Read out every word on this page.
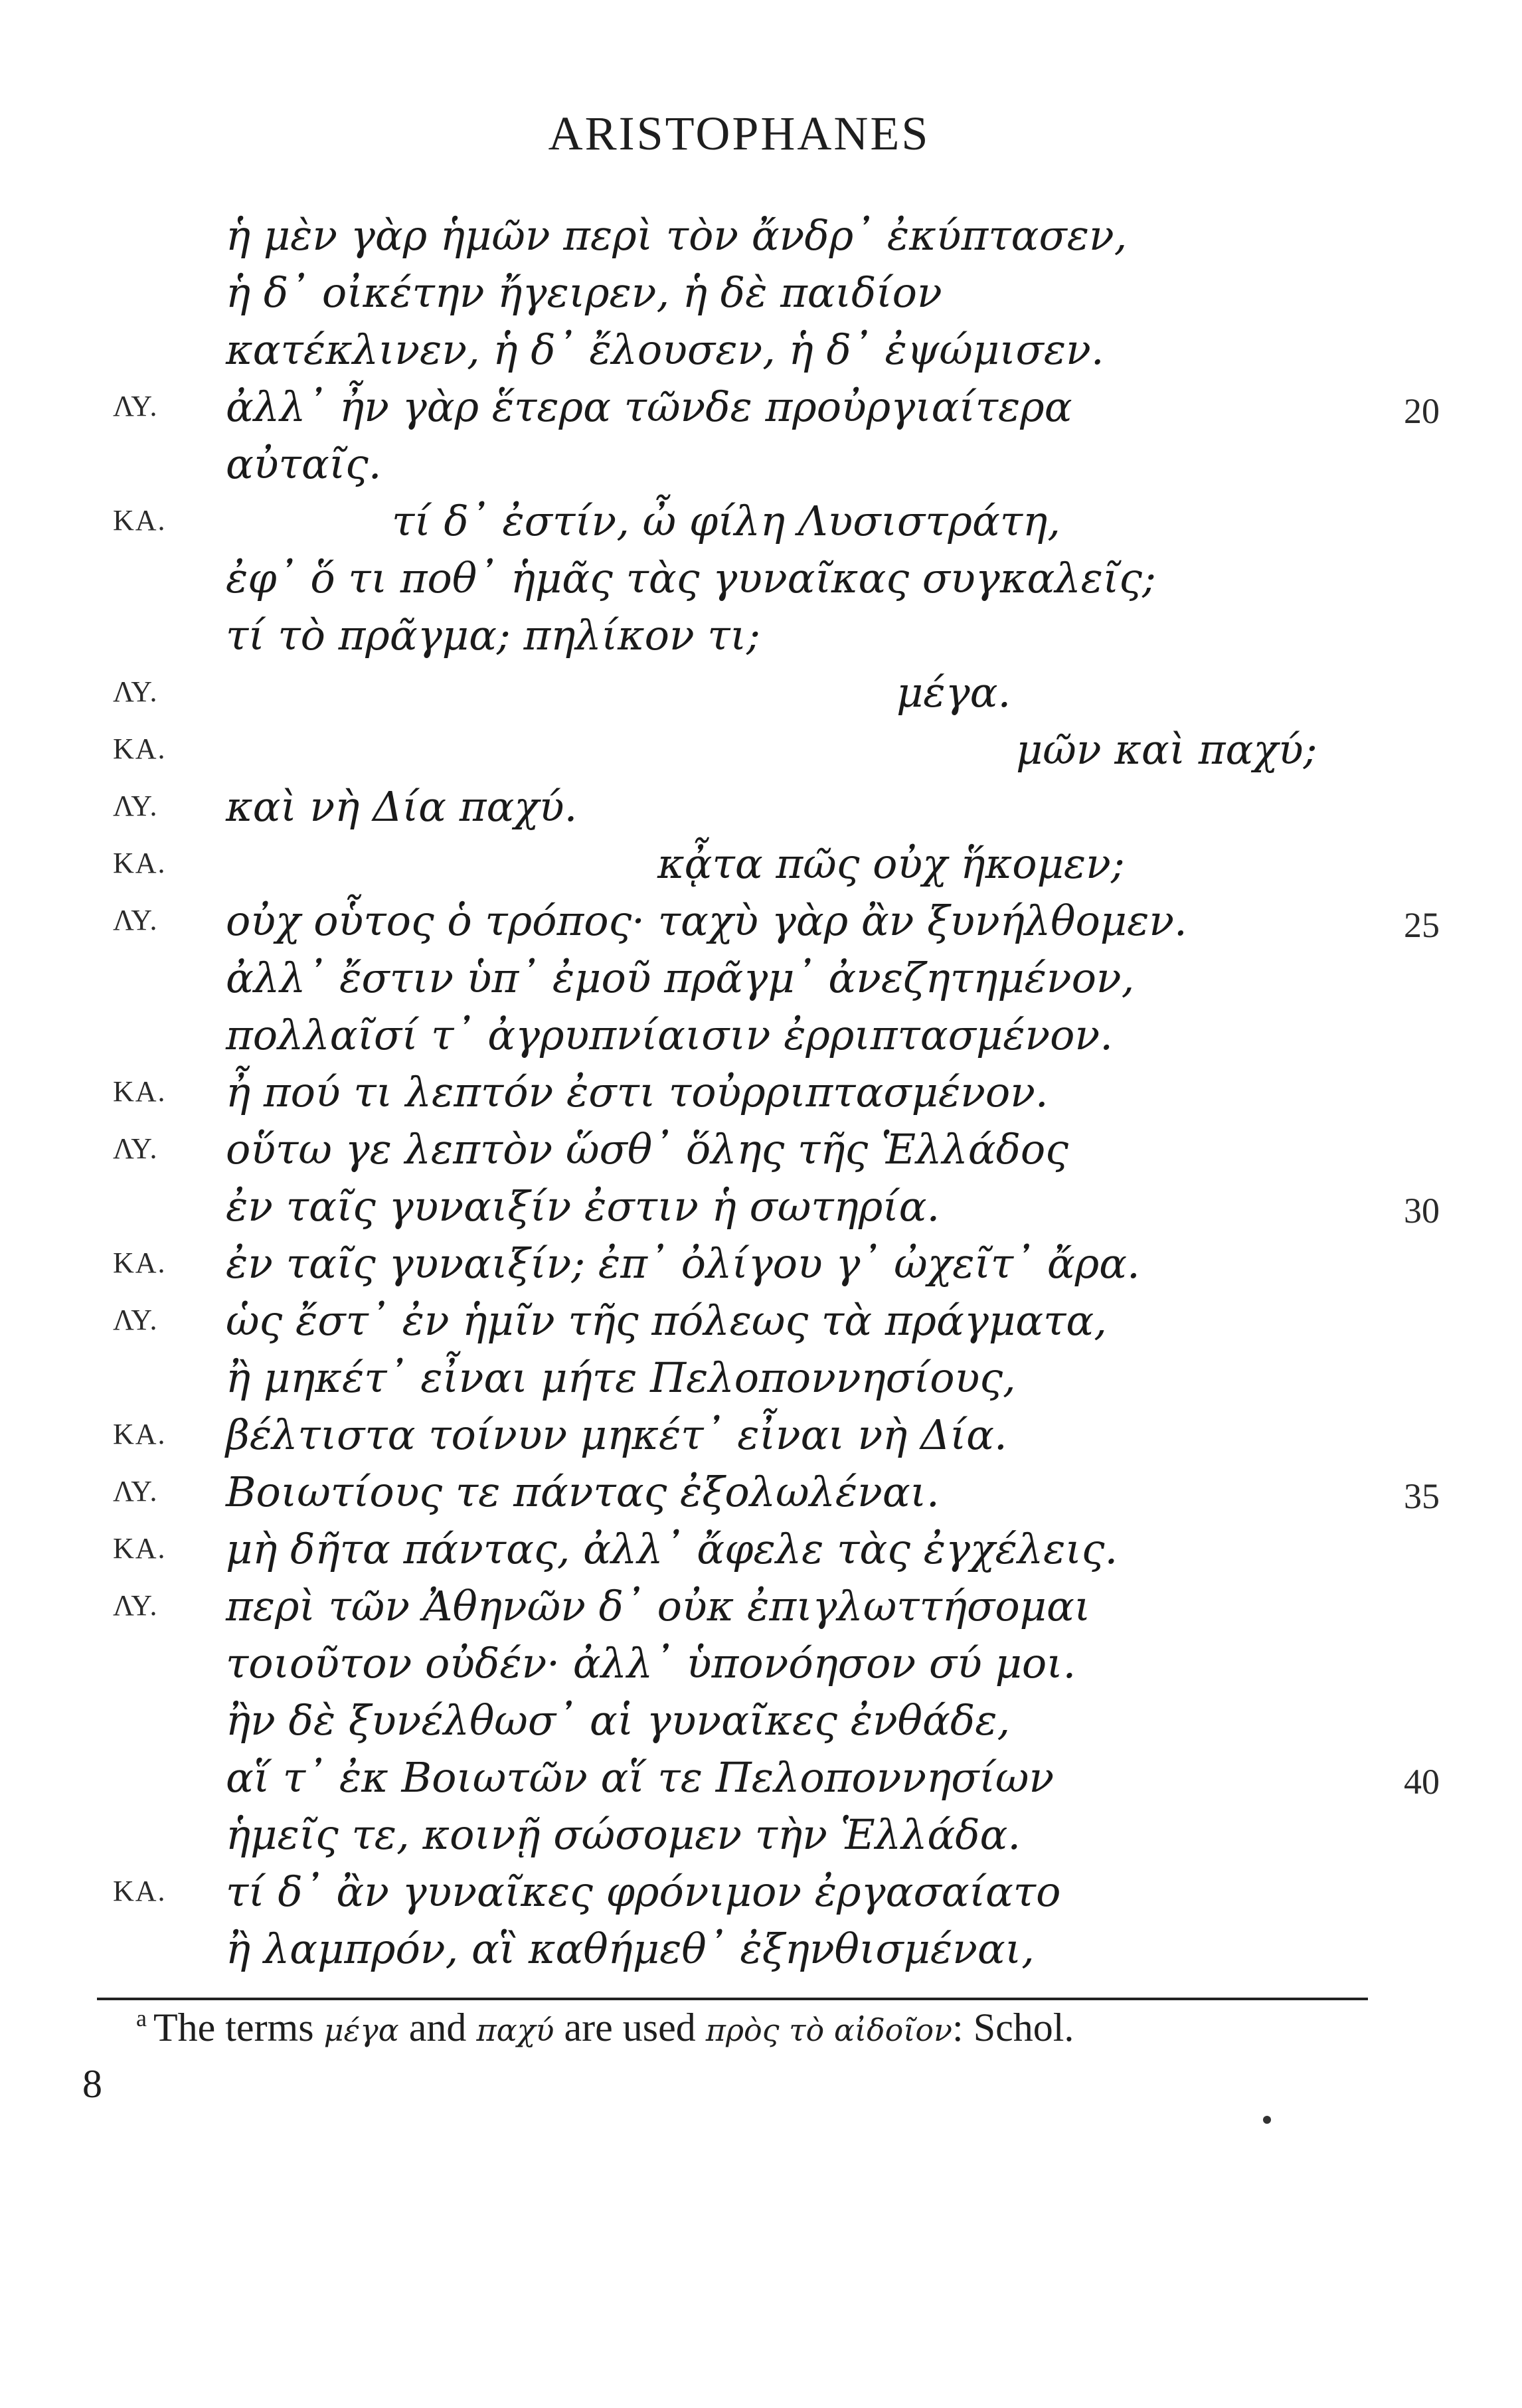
ARISTOPHANES
ἡ μὲν γὰρ ἡμῶν περὶ τὸν ἄνδρ᾽ ἐκύπτασεν,
ἡ δ᾽ οἰκέτην ἤγειρεν, ἡ δὲ παιδίον
κατέκλινεν, ἡ δ᾽ ἔλουσεν, ἡ δ᾽ ἐψώμισεν.
ΛΥ. ἀλλ᾽ ἦν γὰρ ἕτερα τῶνδε προὐργιαίτερα	20
αὐταῖς.
ΚΑ.	τί δ᾽ ἐστίν, ὦ φίλη Λυσιστράτη,
ἐφ᾽ ὅ τι ποθ᾽ ἡμᾶς τὰς γυναῖκας συγκαλεῖς;
τί τὸ πρᾶγμα; πηλίκον τι;
ΛΥ.	μέγα.
ΚΑ.	μῶν καὶ παχύ;
ΛΥ. καὶ νὴ Δία παχύ.
ΚΑ.	κᾆτα πῶς οὐχ ἥκομεν;
ΛΥ. οὐχ οὗτος ὁ τρόπος· ταχὺ γὰρ ἂν ξυνήλθομεν.	25
ἀλλ᾽ ἔστιν ὑπ᾽ ἐμοῦ πρᾶγμ᾽ ἀνεζητημένον,
πολλαῖσί τ᾽ ἀγρυπνίαισιν ἐρριπτασμένον.
ΚΑ. ἦ πού τι λεπτόν ἐστι τοὐρριπτασμένον.
ΛΥ. οὕτω γε λεπτὸν ὥσθ᾽ ὅλης τῆς Ἑλλάδος
ἐν ταῖς γυναιξίν ἐστιν ἡ σωτηρία.	30
ΚΑ. ἐν ταῖς γυναιξίν; ἐπ᾽ ὀλίγου γ᾽ ὠχεῖτ᾽ ἄρα.
ΛΥ. ὡς ἔστ᾽ ἐν ἡμῖν τῆς πόλεως τὰ πράγματα,
ἢ μηκέτ᾽ εἶναι μήτε Πελοποννησίους,
ΚΑ. βέλτιστα τοίνυν μηκέτ᾽ εἶναι νὴ Δία.
ΛΥ. Βοιωτίους τε πάντας ἐξολωλέναι.	35
ΚΑ. μὴ δῆτα πάντας, ἀλλ᾽ ἄφελε τὰς ἐγχέλεις.
ΛΥ. περὶ τῶν Ἀθηνῶν δ᾽ οὐκ ἐπιγλωττήσομαι
τοιοῦτον οὐδέν· ἀλλ᾽ ὑπονόησον σύ μοι.
ἢν δὲ ξυνέλθωσ᾽ αἱ γυναῖκες ἐνθάδε,
αἵ τ᾽ ἐκ Βοιωτῶν αἵ τε Πελοποννησίων	40
ἡμεῖς τε, κοινῇ σώσομεν τὴν Ἑλλάδα.
ΚΑ. τί δ᾽ ἂν γυναῖκες φρόνιμον ἐργασαίατο
ἢ λαμπρόν, αἳ καθήμεθ᾽ ἐξηνθισμέναι,
$^a$ The terms μέγα and παχύ are used πρὸς τὸ αἰδοῖον: Schol.
8
